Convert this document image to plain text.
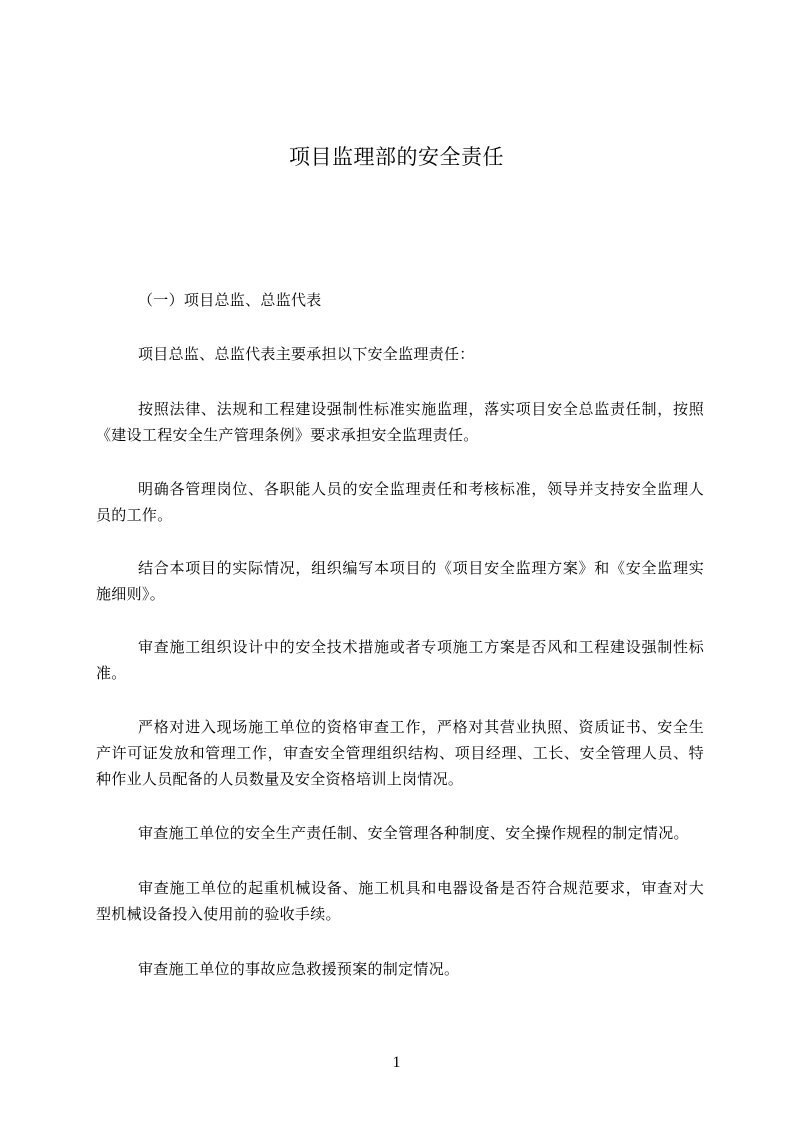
项目监理部的安全责任
（一）项目总监、总监代表
项目总监、总监代表主要承担以下安全监理责任：
按照法律、法规和工程建设强制性标准实施监理，落实项目安全总监责任制，按照《建设工程安全生产管理条例》要求承担安全监理责任。
明确各管理岗位、各职能人员的安全监理责任和考核标准，领导并支持安全监理人员的工作。
结合本项目的实际情况，组织编写本项目的《项目安全监理方案》和《安全监理实施细则》。
审查施工组织设计中的安全技术措施或者专项施工方案是否风和工程建设强制性标准。
严格对进入现场施工单位的资格审查工作，严格对其营业执照、资质证书、安全生产许可证发放和管理工作，审查安全管理组织结构、项目经理、工长、安全管理人员、特种作业人员配备的人员数量及安全资格培训上岗情况。
审查施工单位的安全生产责任制、安全管理各种制度、安全操作规程的制定情况。
审查施工单位的起重机械设备、施工机具和电器设备是否符合规范要求，审查对大型机械设备投入使用前的验收手续。
审查施工单位的事故应急救援预案的制定情况。
1
